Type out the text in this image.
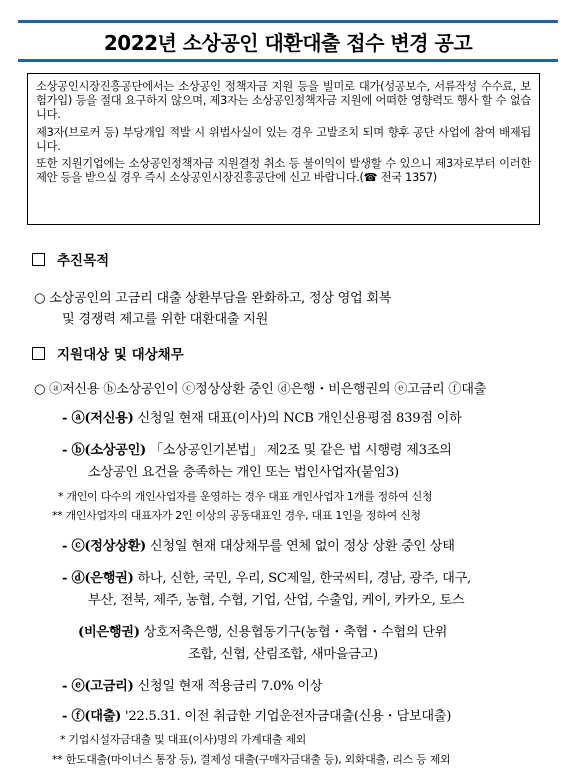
2022년 소상공인 대환대출 접수 변경 공고

소상공인시장진흥공단에서는 소상공인 정책자금 지원 등을 빌미로 대가(성공보수, 서류작성 수수료, 보험가입) 등을 절대 요구하지 않으며, 제3자는 소상공인정책자금 지원에 어떠한 영향력도 행사 할 수 없습니다.

제3자(브로커 등) 부당개입 적발 시 위법사실이 있는 경우 고발조치 되며 향후 공단 사업에 참여 배제됩니다.

또한 지원기업에는 소상공인정책자금 지원결정 취소 등 불이익이 발생할 수 있으니 제3자로부터 이러한 제안 등을 받으실 경우 즉시 소상공인시장진흥공단에 신고 바랍니다.(☎ 전국 1357)

추진목적
○ 소상공인의 고금리 대출 상환부담을 완화하고, 정상 영업 회복
및 경쟁력 제고를 위한 대환대출 지원
지원대상 및 대상채무
○ ⓐ저신용 ⓑ소상공인이 ⓒ정상상환 중인 ⓓ은행・비은행권의 ⓔ고금리 ⓕ대출
- ⓐ(저신용) 신청일 현재 대표(이사)의 NCB 개인신용평점 839점 이하
- ⓑ(소상공인) 「소상공인기본법」 제2조 및 같은 법 시행령 제3조의
소상공인 요건을 충족하는 개인 또는 법인사업자(붙임3)
* 개인이 다수의 개인사업자를 운영하는 경우 대표 개인사업자 1개를 정하여 신청
** 개인사업자의 대표자가 2인 이상의 공동대표인 경우, 대표 1인을 정하여 신청
- ⓒ(정상상환) 신청일 현재 대상채무를 연체 없이 정상 상환 중인 상태
- ⓓ(은행권) 하나, 신한, 국민, 우리, SC제일, 한국씨티, 경남, 광주, 대구,
부산, 전북, 제주, 농협, 수협, 기업, 산업, 수출입, 케이, 카카오, 토스
(비은행권) 상호저축은행, 신용협동기구(농협・축협・수협의 단위
조합, 신협, 산림조합, 새마을금고)
- ⓔ(고금리) 신청일 현재 적용금리 7.0% 이상
- ⓕ(대출) '22.5.31. 이전 취급한 기업운전자금대출(신용・담보대출)
* 기업시설자금대출 및 대표(이사)명의 가계대출 제외
** 한도대출(마이너스 통장 등), 결제성 대출(구매자금대출 등), 외화대출, 리스 등 제외
